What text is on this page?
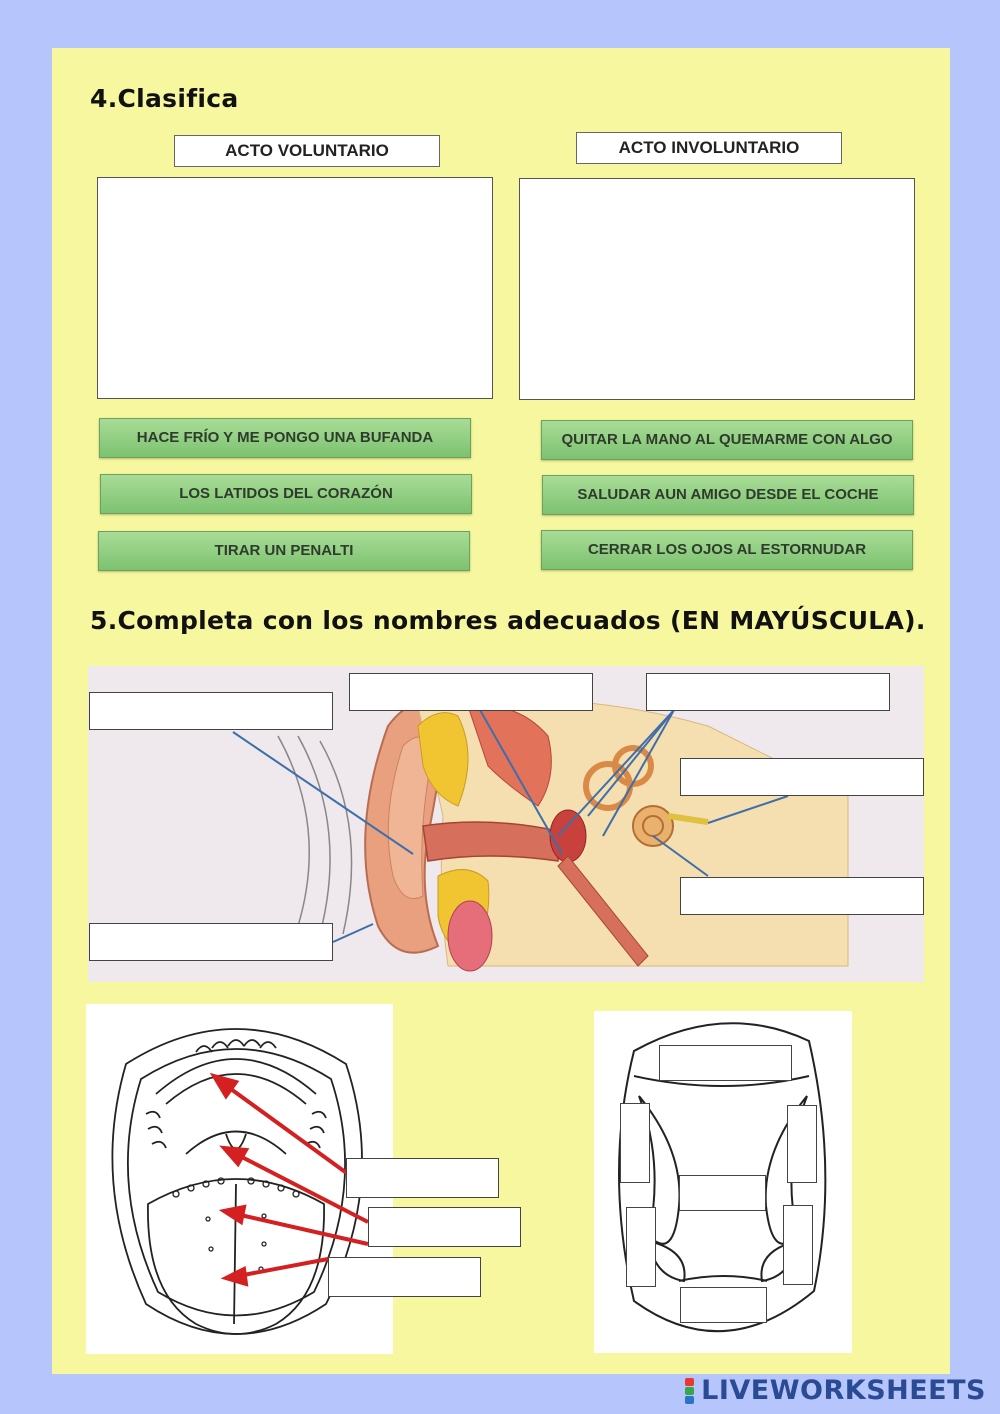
4.Clasifica
ACTO VOLUNTARIO	ACTO INVOLUNTARIO
HACE FRÍO Y ME PONGO UNA BUFANDA	QUITAR LA MANO AL QUEMARME CON ALGO
LOS LATIDOS DEL CORAZÓN	SALUDAR AUN AMIGO DESDE EL COCHE
TIRAR UN PENALTI	CERRAR LOS OJOS AL ESTORNUDAR
5.Completa con los nombres adecuados (EN MAYÚSCULA).
LIVEWORKSHEETS
